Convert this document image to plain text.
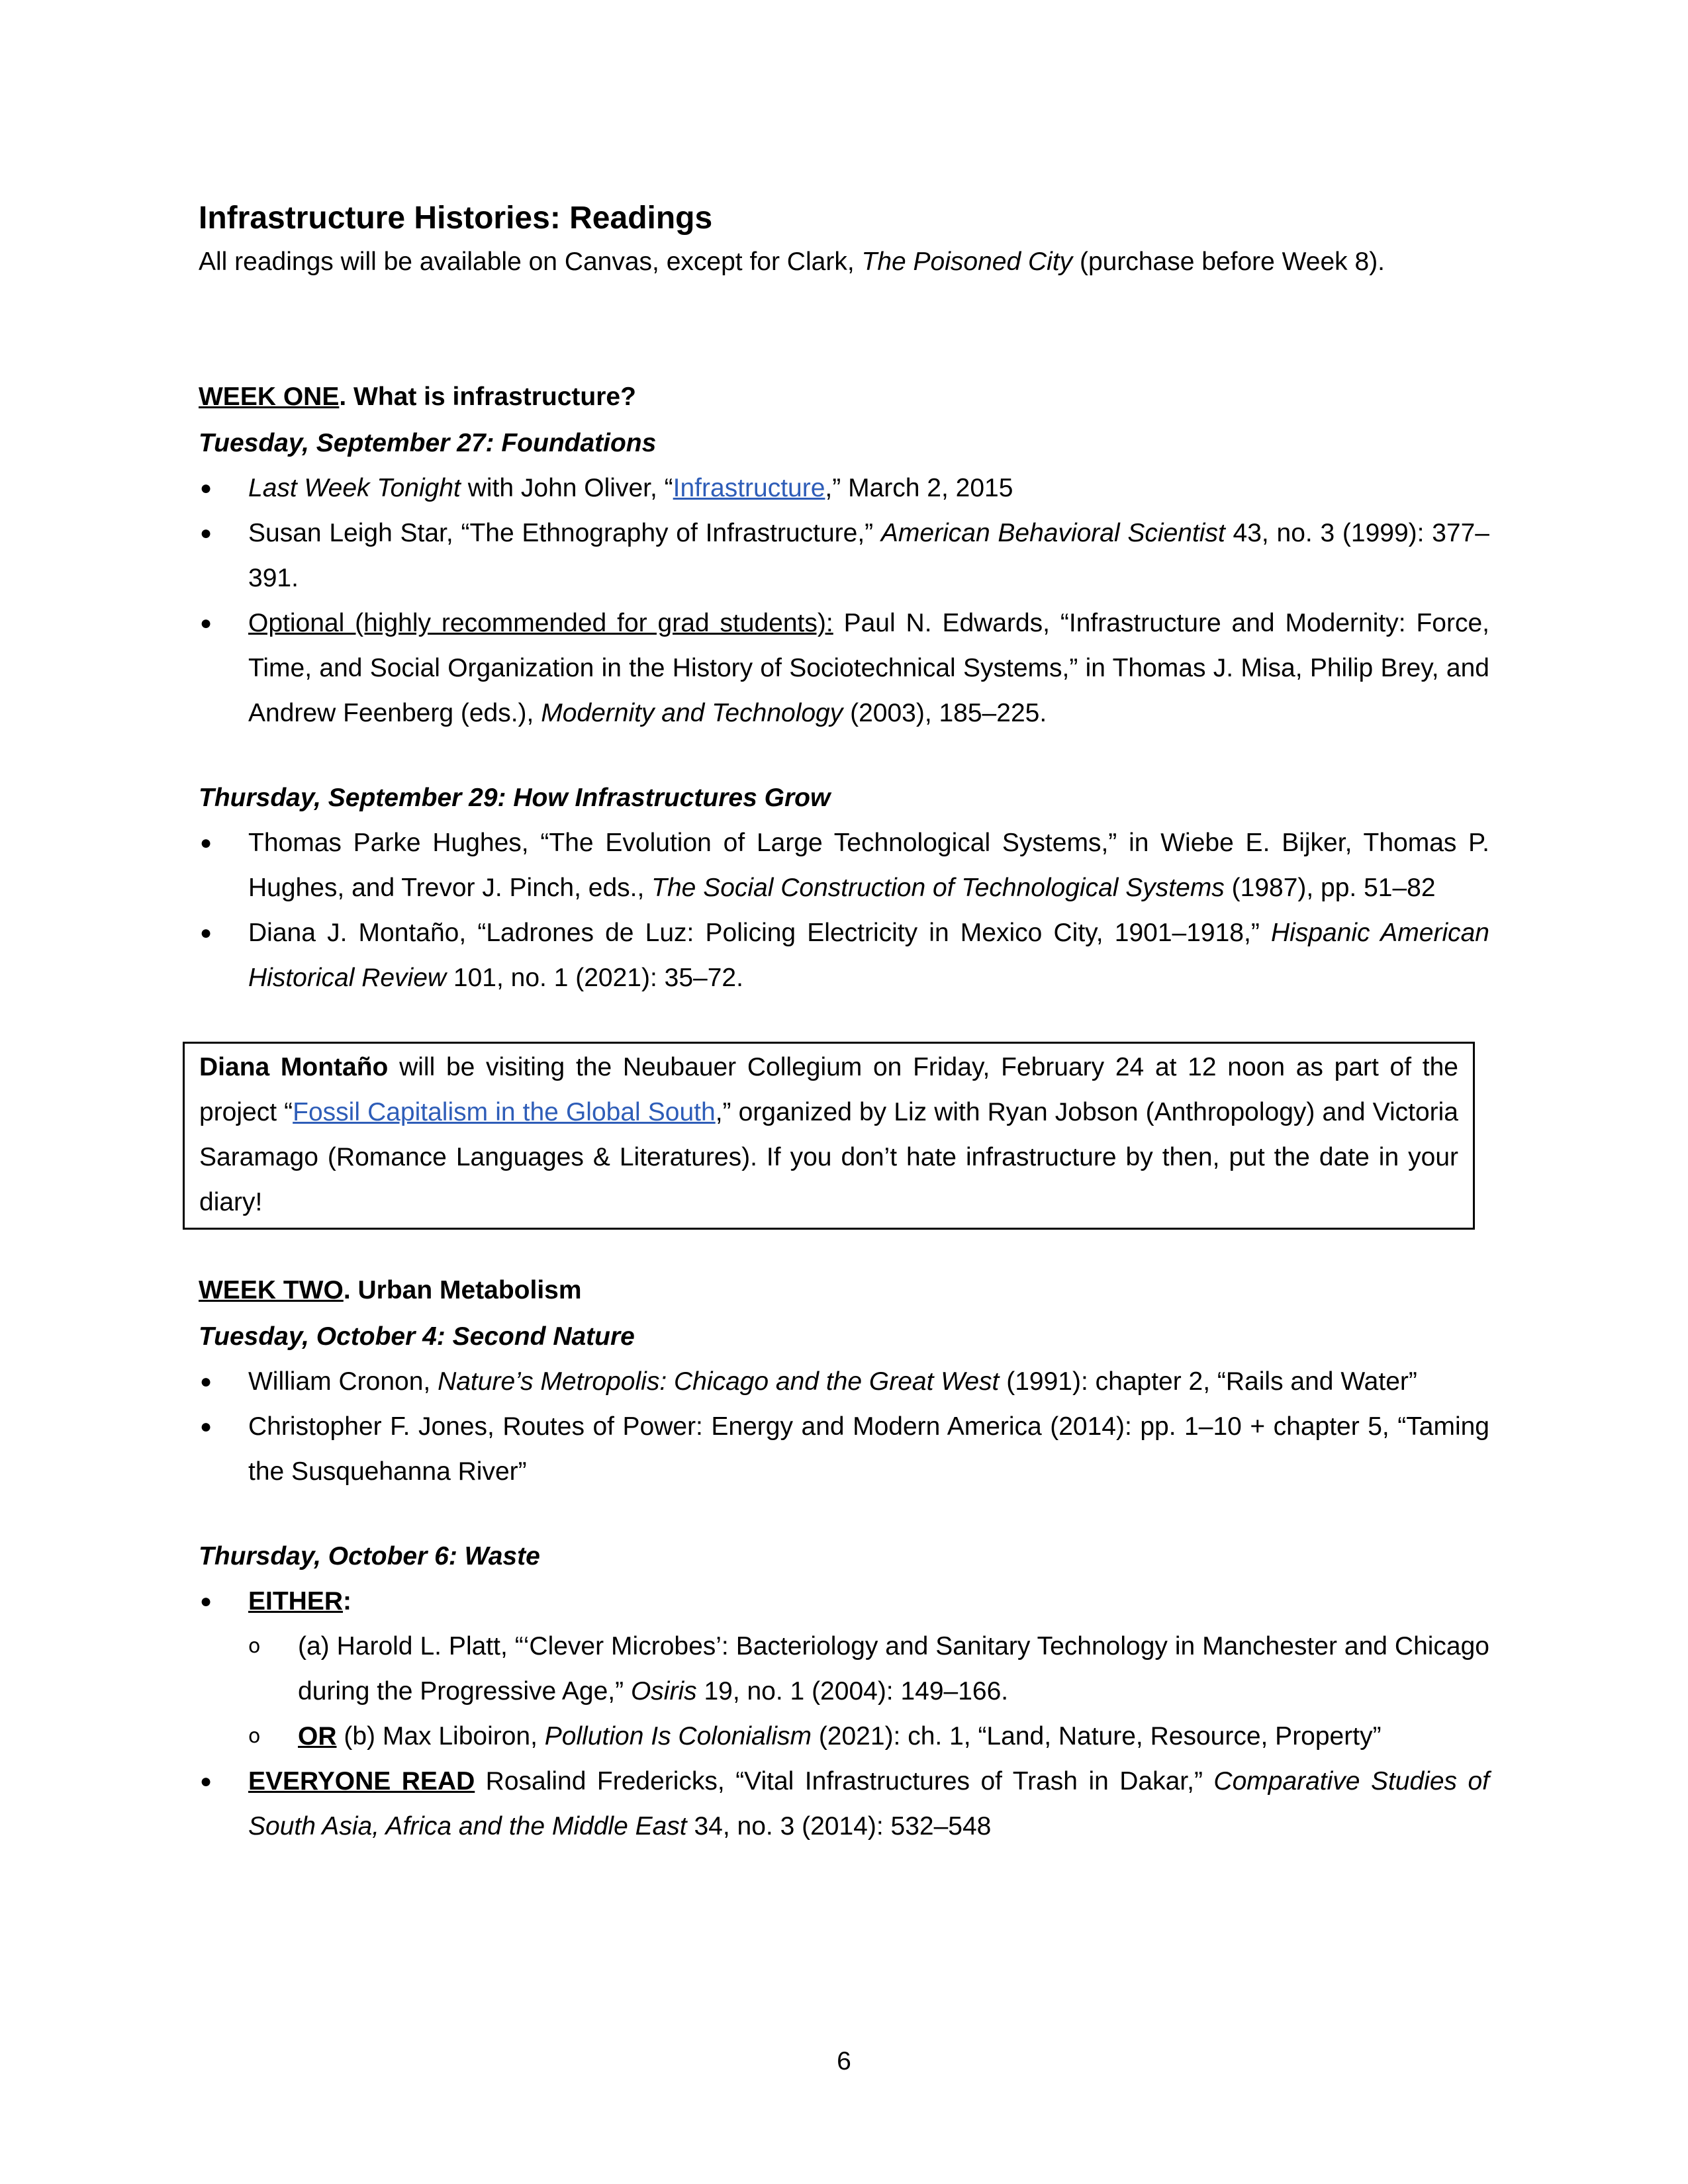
Infrastructure Histories: Readings

All readings will be available on Canvas, except for Clark, The Poisoned City (purchase before Week 8).

WEEK ONE. What is infrastructure?

Tuesday, September 27: Foundations

● Last Week Tonight with John Oliver, “Infrastructure,” March 2, 2015
● Susan Leigh Star, “The Ethnography of Infrastructure,” American Behavioral Scientist 43, no. 3 (1999): 377–391.
● Optional (highly recommended for grad students): Paul N. Edwards, “Infrastructure and Modernity: Force, Time, and Social Organization in the History of Sociotechnical Systems,” in Thomas J. Misa, Philip Brey, and Andrew Feenberg (eds.), Modernity and Technology (2003), 185–225.

Thursday, September 29: How Infrastructures Grow

● Thomas Parke Hughes, “The Evolution of Large Technological Systems,” in Wiebe E. Bijker, Thomas P. Hughes, and Trevor J. Pinch, eds., The Social Construction of Technological Systems (1987), pp. 51–82
● Diana J. Montaño, “Ladrones de Luz: Policing Electricity in Mexico City, 1901–1918,” Hispanic American Historical Review 101, no. 1 (2021): 35–72.

Diana Montaño will be visiting the Neubauer Collegium on Friday, February 24 at 12 noon as part of the project “Fossil Capitalism in the Global South,” organized by Liz with Ryan Jobson (Anthropology) and Victoria Saramago (Romance Languages & Literatures). If you don’t hate infrastructure by then, put the date in your diary!

WEEK TWO. Urban Metabolism

Tuesday, October 4: Second Nature

● William Cronon, Nature’s Metropolis: Chicago and the Great West (1991): chapter 2, “Rails and Water”
● Christopher F. Jones, Routes of Power: Energy and Modern America (2014): pp. 1–10 + chapter 5, “Taming the Susquehanna River”

Thursday, October 6: Waste

● EITHER:
o (a) Harold L. Platt, “‘Clever Microbes’: Bacteriology and Sanitary Technology in Manchester and Chicago during the Progressive Age,” Osiris 19, no. 1 (2004): 149–166.
o OR (b) Max Liboiron, Pollution Is Colonialism (2021): ch. 1, “Land, Nature, Resource, Property”
● EVERYONE READ Rosalind Fredericks, “Vital Infrastructures of Trash in Dakar,” Comparative Studies of South Asia, Africa and the Middle East 34, no. 3 (2014): 532–548
6
